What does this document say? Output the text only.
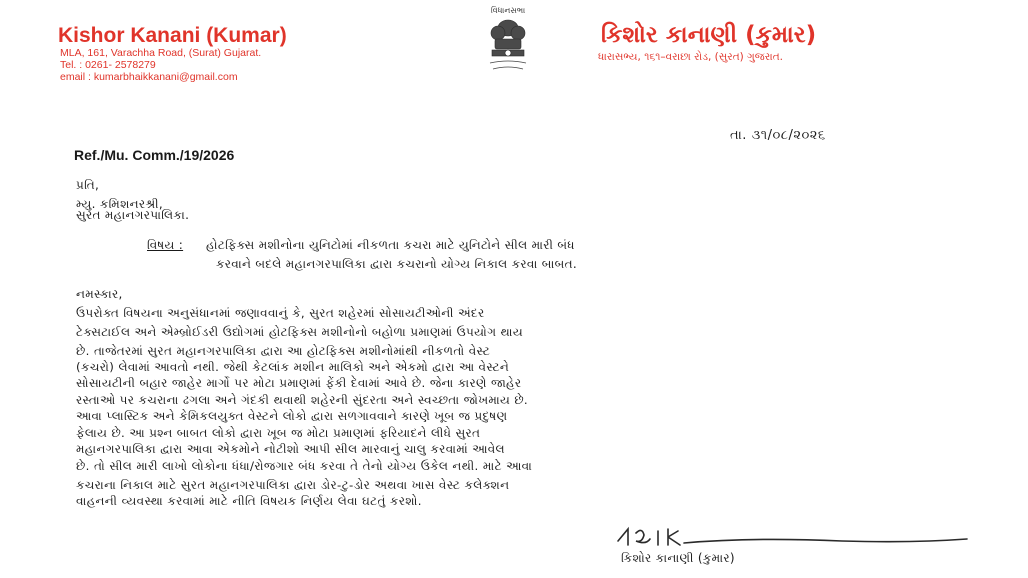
Kishor Kanani (Kumar)
MLA, 161, Varachha Road, (Surat) Gujarat.
Tel. : 0261- 2578279
email : kumarbhaikkanani@gmail.com
વિધાનસભા
કિશોર કાનાણી (કુમાર)
ધારાસભ્ય, ૧૬૧–વરાછા રોડ, (સુરત) ગુજરાત.
તા. ૩૧/૦૮/૨૦૨૬
Ref./Mu. Comm./19/2026
પ્રતિ,
મ્યુ. કમિશનરશ્રી,
સુરત મહાનગરપાલિકા.
વિષય : હોટફિક્સ મશીનોના યુનિટોમાં નીકળતા કચરા માટે યુનિટોને સીલ મારી બંધ
કરવાને બદલે મહાનગરપાલિકા દ્વારા કચરાનો યોગ્ય નિકાલ કરવા બાબત.
નમસ્કાર,
ઉપરોક્ત વિષયના અનુસંધાનમાં જણાવવાનું કે, સુરત શહેરમાં સોસાયટીઓની અંદર
ટેક્સટાઈલ અને એમ્બ્રોઈડરી ઉદ્યોગમાં હોટફિક્સ મશીનોનો બહોળા પ્રમાણમાં ઉપયોગ થાય
છે. તાજેતરમાં સુરત મહાનગરપાલિકા દ્વારા આ હોટફિક્સ મશીનોમાંથી નીકળતો વેસ્ટ
(કચરો) લેવામાં આવતો નથી. જેથી કેટલાંક મશીન માલિકો અને એકમો દ્વારા આ વેસ્ટને
સોસાયટીની બહાર જાહેર માર્ગો પર મોટા પ્રમાણમાં ફેંકી દેવામાં આવે છે. જેના કારણે જાહેર
રસ્તાઓ પર કચરાના ઢગલા અને ગંદકી થવાથી શહેરની સુંદરતા અને સ્વચ્છતા જોખમાય છે.
આવા પ્લાસ્ટિક અને કેમિકલયુક્ત વેસ્ટને લોકો દ્વારા સળગાવવાને કારણે ખૂબ જ પ્રદુષણ
ફેલાય છે. આ પ્રશ્ન બાબત લોકો દ્વારા ખૂબ જ મોટા પ્રમાણમાં ફરિયાદને લીધે સુરત
મહાનગરપાલિકા દ્વારા આવા એકમોને નોટીશો આપી સીલ મારવાનું ચાલુ કરવામાં આવેલ
છે. તો સીલ મારી લાખો લોકોના ધંધા/રોજગાર બંધ કરવા તે તેનો યોગ્ય ઉકેલ નથી. માટે આવા
કચરાના નિકાલ માટે સુરત મહાનગરપાલિકા દ્વારા ડોર-ટુ-ડોર અથવા ખાસ વેસ્ટ કલેક્શન
વાહનની વ્યવસ્થા કરવામાં માટે નીતિ વિષયક નિર્ણય લેવા ઘટતું કરશો.
કિશોર કાનાણી (કુમાર)
